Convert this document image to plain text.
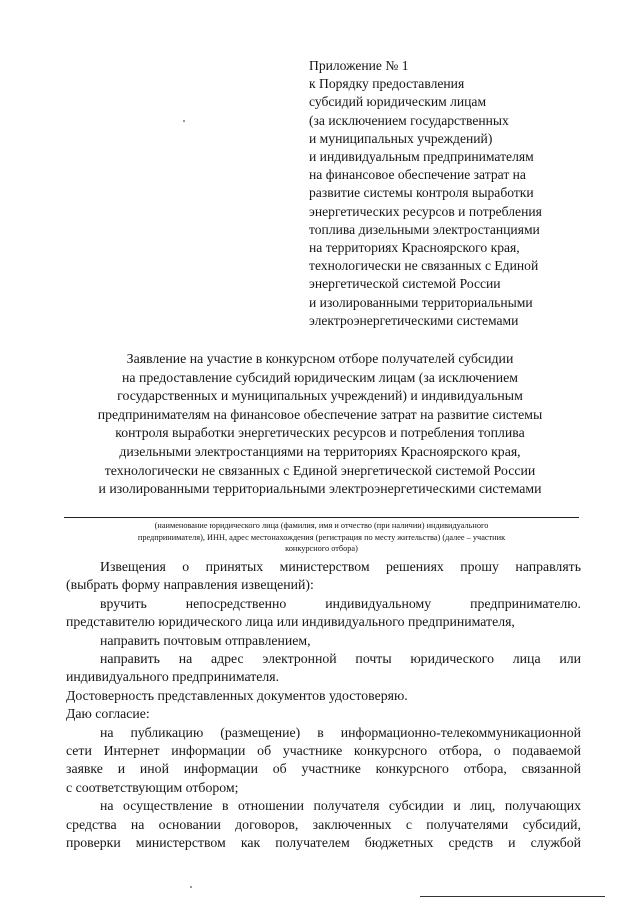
Приложение № 1
к Порядку предоставления
субсидий юридическим лицам
(за исключением государственных
и муниципальных учреждений)
и индивидуальным предпринимателям
на финансовое обеспечение затрат на
развитие системы контроля выработки
энергетических ресурсов и потребления
топлива дизельными электростанциями
на территориях Красноярского края,
технологически не связанных с Единой
энергетической системой России
и изолированными территориальными
электроэнергетическими системами
Заявление на участие в конкурсном отборе получателей субсидии
на предоставление субсидий юридическим лицам (за исключением
государственных и муниципальных учреждений) и индивидуальным
предпринимателям на финансовое обеспечение затрат на развитие системы
контроля выработки энергетических ресурсов и потребления топлива
дизельными электростанциями на территориях Красноярского края,
технологически не связанных с Единой энергетической системой России
и изолированными территориальными электроэнергетическими системами
(наименование юридического лица (фамилия, имя и отчество (при наличии) индивидуального
предпринимателя), ИНН, адрес местонахождения (регистрация по месту жительства) (далее – участник
конкурсного отбора)
Извещения о принятых министерством решениях прошу направлять
(выбрать форму направления извещений):
вручить непосредственно индивидуальному предпринимателю.
представителю юридического лица или индивидуального предпринимателя,
направить почтовым отправлением,
направить на адрес электронной почты юридического лица или
индивидуального предпринимателя.
Достоверность представленных документов удостоверяю.
Даю согласие:
на публикацию (размещение) в информационно-телекоммуникационной
сети Интернет информации об участнике конкурсного отбора, о подаваемой
заявке и иной информации об участнике конкурсного отбора, связанной
с соответствующим отбором;
на осуществление в отношении получателя субсидии и лиц, получающих
средства на основании договоров, заключенных с получателями субсидий,
проверки министерством как получателем бюджетных средств и службой
